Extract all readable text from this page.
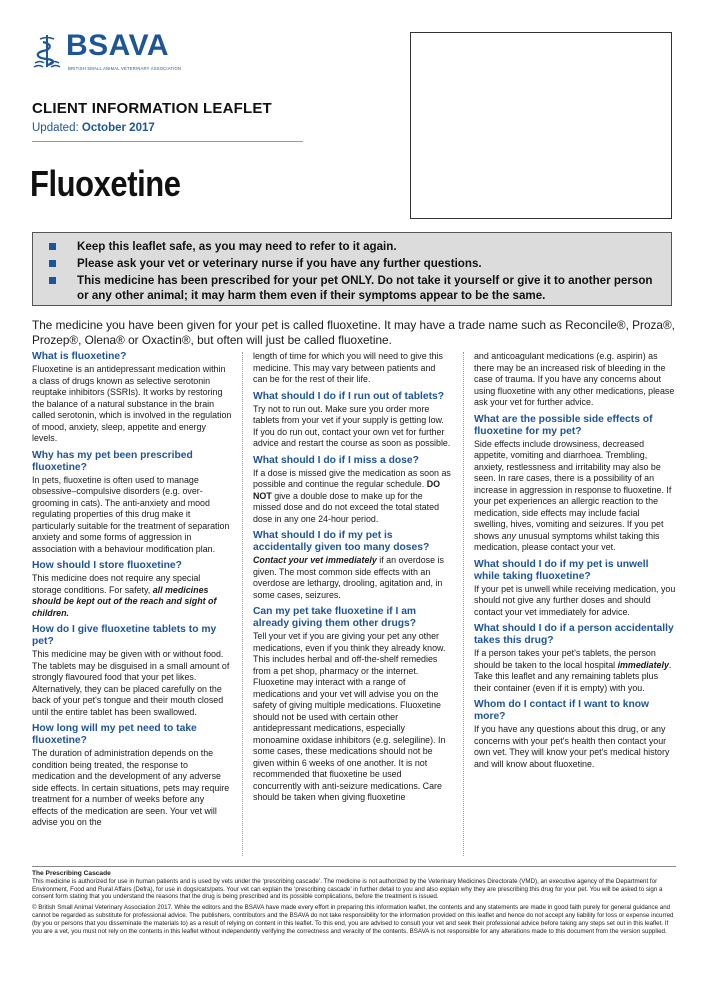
BSAVA
BRITISH SMALL ANIMAL VETERINARY ASSOCIATION
CLIENT INFORMATION LEAFLET
Updated: October 2017
Fluoxetine
Keep this leaflet safe, as you may need to refer to it again.
Please ask your vet or veterinary nurse if you have any further questions.
This medicine has been prescribed for your pet ONLY. Do not take it yourself or give it to another person or any other animal; it may harm them even if their symptoms appear to be the same.
The medicine you have been given for your pet is called fluoxetine. It may have a trade name such as Reconcile®, Proza®, Prozep®, Olena® or Oxactin®, but often will just be called fluoxetine.
What is fluoxetine?
Fluoxetine is an antidepressant medication within a class of drugs known as selective serotonin reuptake inhibitors (SSRIs). It works by restoring the balance of a natural substance in the brain called serotonin, which is involved in the regulation of mood, anxiety, sleep, appetite and energy levels.
Why has my pet been prescribed fluoxetine?
In pets, fluoxetine is often used to manage obsessive–compulsive disorders (e.g. over-grooming in cats). The anti-anxiety and mood regulating properties of this drug make it particularly suitable for the treatment of separation anxiety and some forms of aggression in association with a behaviour modification plan.
How should I store fluoxetine?
This medicine does not require any special storage conditions. For safety, all medicines should be kept out of the reach and sight of children.
How do I give fluoxetine tablets to my pet?
This medicine may be given with or without food. The tablets may be disguised in a small amount of strongly flavoured food that your pet likes. Alternatively, they can be placed carefully on the back of your pet's tongue and their mouth closed until the entire tablet has been swallowed.
How long will my pet need to take fluoxetine?
The duration of administration depends on the condition being treated, the response to medication and the development of any adverse side effects. In certain situations, pets may require treatment for a number of weeks before any effects of the medication are seen. Your vet will advise you on the
length of time for which you will need to give this medicine. This may vary between patients and can be for the rest of their life.
What should I do if I run out of tablets?
Try not to run out. Make sure you order more tablets from your vet if your supply is getting low. If you do run out, contact your own vet for further advice and restart the course as soon as possible.
What should I do if I miss a dose?
If a dose is missed give the medication as soon as possible and continue the regular schedule. DO NOT give a double dose to make up for the missed dose and do not exceed the total stated dose in any one 24-hour period.
What should I do if my pet is accidentally given too many doses?
Contact your vet immediately if an overdose is given. The most common side effects with an overdose are lethargy, drooling, agitation and, in some cases, seizures.
Can my pet take fluoxetine if I am already giving them other drugs?
Tell your vet if you are giving your pet any other medications, even if you think they already know. This includes herbal and off-the-shelf remedies from a pet shop, pharmacy or the internet. Fluoxetine may interact with a range of medications and your vet will advise you on the safety of giving multiple medications. Fluoxetine should not be used with certain other antidepressant medications, especially monoamine oxidase inhibitors (e.g. selegiline). In some cases, these medications should not be given within 6 weeks of one another. It is not recommended that fluoxetine be used concurrently with anti-seizure medications. Care should be taken when giving fluoxetine
and anticoagulant medications (e.g. aspirin) as there may be an increased risk of bleeding in the case of trauma. If you have any concerns about using fluoxetine with any other medications, please ask your vet for further advice.
What are the possible side effects of fluoxetine for my pet?
Side effects include drowsiness, decreased appetite, vomiting and diarrhoea. Trembling, anxiety, restlessness and irritability may also be seen. In rare cases, there is a possibility of an increase in aggression in response to fluoxetine. If your pet experiences an allergic reaction to the medication, side effects may include facial swelling, hives, vomiting and seizures. If you pet shows any unusual symptoms whilst taking this medication, please contact your vet.
What should I do if my pet is unwell while taking fluoxetine?
If your pet is unwell while receiving medication, you should not give any further doses and should contact your vet immediately for advice.
What should I do if a person accidentally takes this drug?
If a person takes your pet's tablets, the person should be taken to the local hospital immediately. Take this leaflet and any remaining tablets plus their container (even if it is empty) with you.
Whom do I contact if I want to know more?
If you have any questions about this drug, or any concerns with your pet's health then contact your own vet. They will know your pet's medical history and will know about fluoxetine.
The Prescribing Cascade
This medicine is authorized for use in human patients and is used by vets under the ‘prescribing cascade’. The medicine is not authorized by the Veterinary Medicines Directorate (VMD), an executive agency of the Department for Environment, Food and Rural Affairs (Defra), for use in dogs/cats/pets. Your vet can explain the ‘prescribing cascade’ in further detail to you and also explain why they are prescribing this drug for your pet. You will be asked to sign a consent form stating that you understand the reasons that the drug is being prescribed and its possible complications, before the treatment is issued.
© British Small Animal Veterinary Association 2017. While the editors and the BSAVA have made every effort in preparing this information leaflet, the contents and any statements are made in good faith purely for general guidance and cannot be regarded as substitute for professional advice. The publishers, contributors and the BSAVA do not take responsibility for the information provided on this leaflet and hence do not accept any liability for loss or expense incurred (by you or persons that you disseminate the materials to) as a result of relying on content in this leaflet. To this end, you are advised to consult your vet and seek their professional advice before taking any steps set out in this leaflet. If you are a vet, you must not rely on the contents in this leaflet without independently verifying the correctness and veracity of the contents. BSAVA is not responsible for any alterations made to this document from the version supplied.
